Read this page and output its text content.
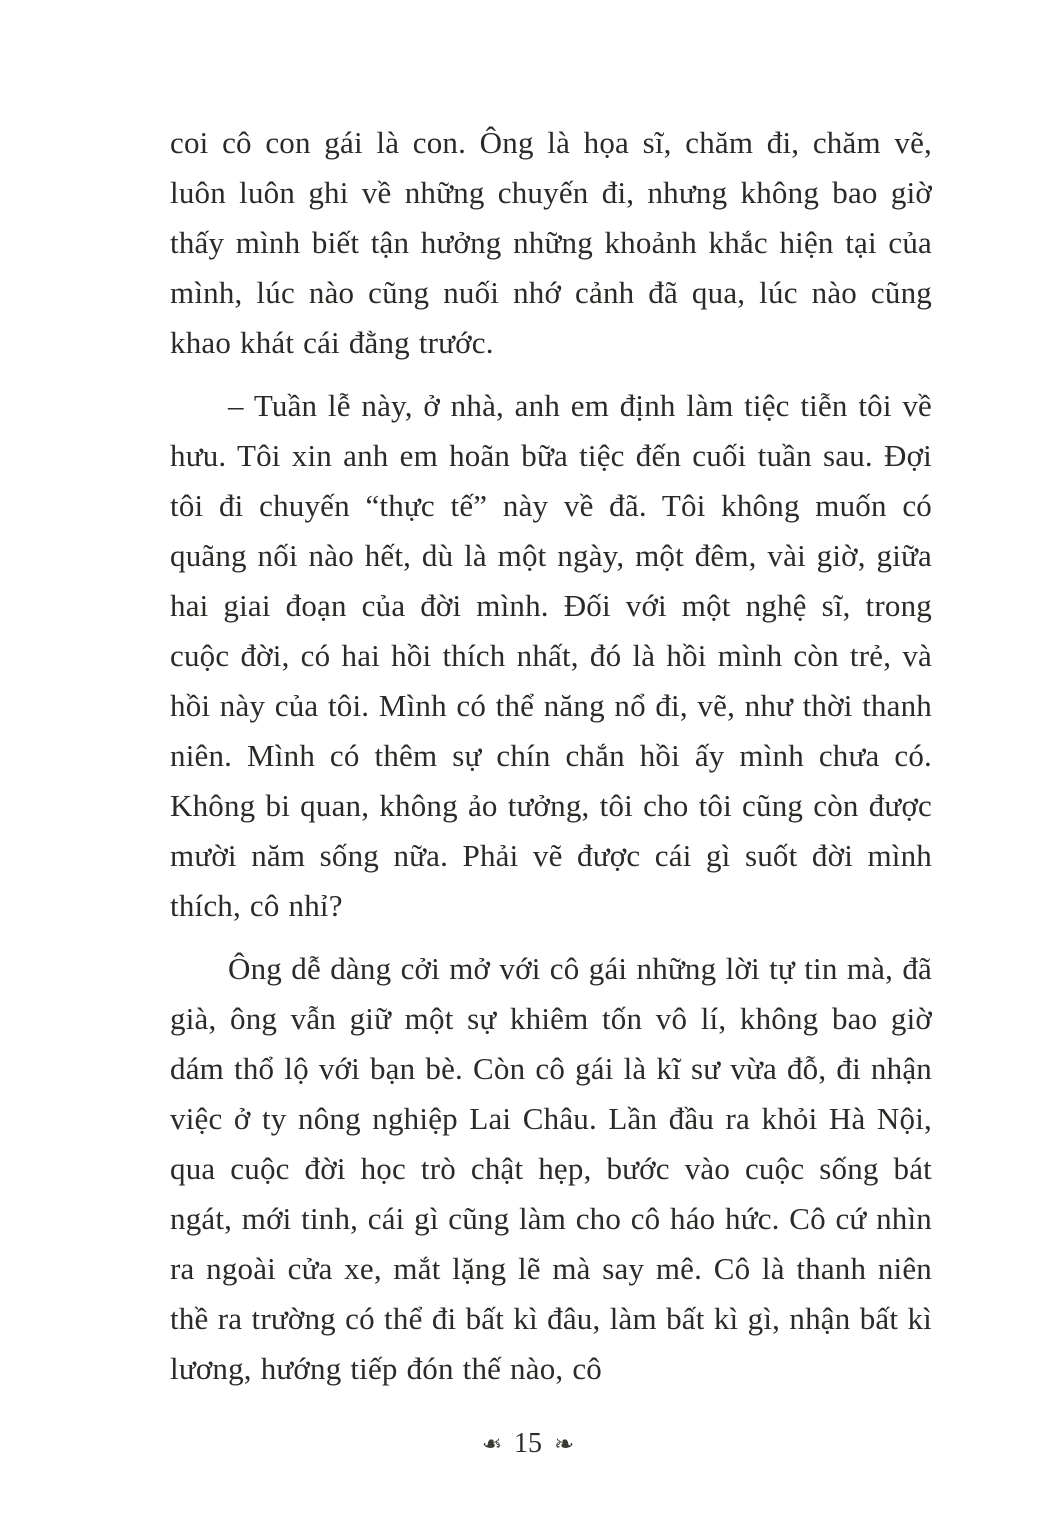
coi cô con gái là con. Ông là họa sĩ, chăm đi, chăm vẽ, luôn luôn ghi về những chuyến đi, nhưng không bao giờ thấy mình biết tận hưởng những khoảnh khắc hiện tại của mình, lúc nào cũng nuối nhớ cảnh đã qua, lúc nào cũng khao khát cái đằng trước.

– Tuần lễ này, ở nhà, anh em định làm tiệc tiễn tôi về hưu. Tôi xin anh em hoãn bữa tiệc đến cuối tuần sau. Đợi tôi đi chuyến “thực tế” này về đã. Tôi không muốn có quãng nối nào hết, dù là một ngày, một đêm, vài giờ, giữa hai giai đoạn của đời mình. Đối với một nghệ sĩ, trong cuộc đời, có hai hồi thích nhất, đó là hồi mình còn trẻ, và hồi này của tôi. Mình có thể năng nổ đi, vẽ, như thời thanh niên. Mình có thêm sự chín chắn hồi ấy mình chưa có. Không bi quan, không ảo tưởng, tôi cho tôi cũng còn được mười năm sống nữa. Phải vẽ được cái gì suốt đời mình thích, cô nhỉ?

Ông dễ dàng cởi mở với cô gái những lời tự tin mà, đã già, ông vẫn giữ một sự khiêm tốn vô lí, không bao giờ dám thổ lộ với bạn bè. Còn cô gái là kĩ sư vừa đỗ, đi nhận việc ở ty nông nghiệp Lai Châu. Lần đầu ra khỏi Hà Nội, qua cuộc đời học trò chật hẹp, bước vào cuộc sống bát ngát, mới tinh, cái gì cũng làm cho cô háo hức. Cô cứ nhìn ra ngoài cửa xe, mắt lặng lẽ mà say mê. Cô là thanh niên thề ra trường có thể đi bất kì đâu, làm bất kì gì, nhận bất kì lương, hướng tiếp đón thế nào, cô

❧ 15 ❧
